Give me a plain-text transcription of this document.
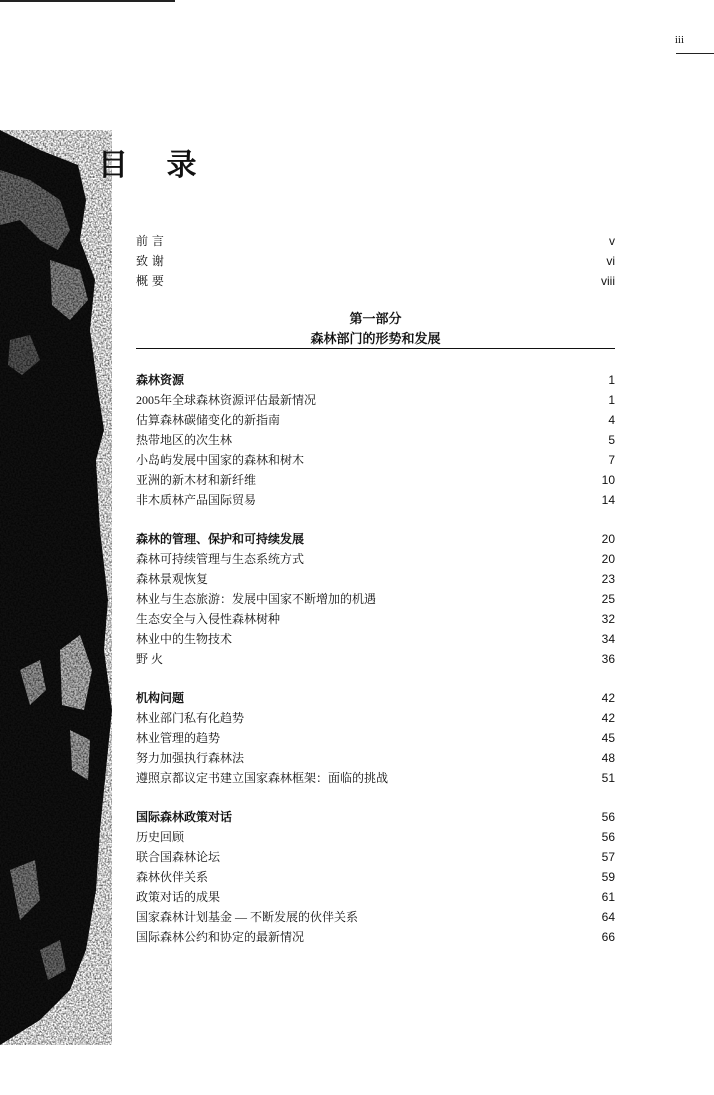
iii
目 录
前 言	v
致 谢	vi
概 要	viii
第一部分
森林部门的形势和发展
森林资源	1
2005年全球森林资源评估最新情况	1
估算森林碳储变化的新指南	4
热带地区的次生林	5
小岛屿发展中国家的森林和树木	7
亚洲的新木材和新纤维	10
非木质林产品国际贸易	14
森林的管理、保护和可持续发展	20
森林可持续管理与生态系统方式	20
森林景观恢复	23
林业与生态旅游：发展中国家不断增加的机遇	25
生态安全与入侵性森林树种	32
林业中的生物技术	34
野 火	36
机构问题	42
林业部门私有化趋势	42
林业管理的趋势	45
努力加强执行森林法	48
遵照京都议定书建立国家森林框架：面临的挑战	51
国际森林政策对话	56
历史回顾	56
联合国森林论坛	57
森林伙伴关系	59
政策对话的成果	61
国家森林计划基金 — 不断发展的伙伴关系	64
国际森林公约和协定的最新情况	66
